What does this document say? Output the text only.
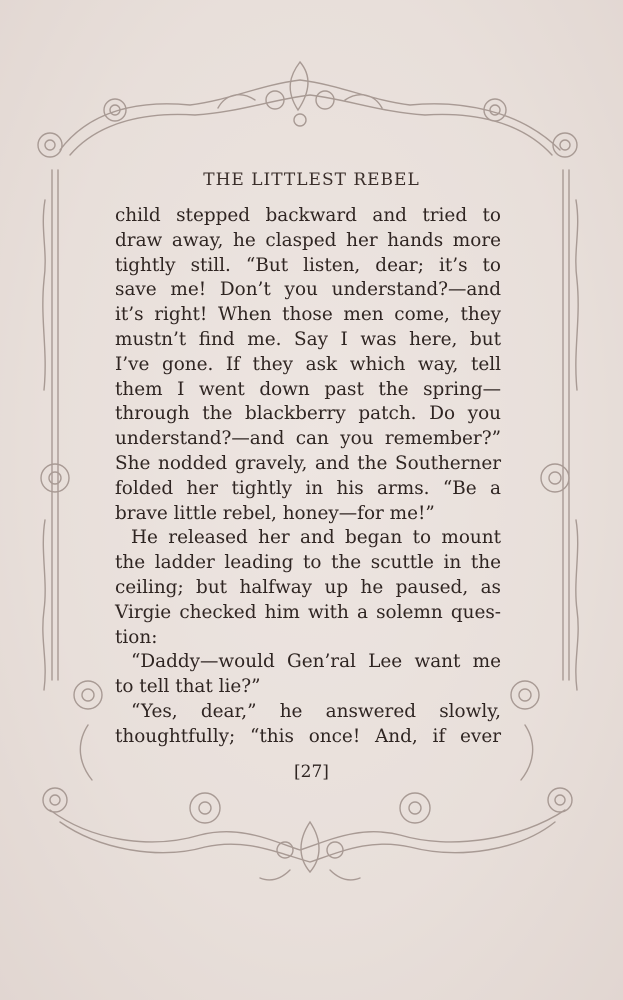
THE LITTLEST REBEL
child stepped backward and tried to
draw away, he clasped her hands more
tightly still. “But listen, dear; it’s to
save me! Don’t you understand?—and
it’s right! When those men come, they
mustn’t find me. Say I was here, but
I’ve gone. If they ask which way, tell
them I went down past the spring—
through the blackberry patch. Do you
understand?—and can you remember?”
She nodded gravely, and the Southerner
folded her tightly in his arms. “Be a
brave little rebel, honey—for me!”
He released her and began to mount
the ladder leading to the scuttle in the
ceiling; but halfway up he paused, as
Virgie checked him with a solemn ques-
tion:
“Daddy—would Gen’ral Lee want me
to tell that lie?”
“Yes, dear,” he answered slowly,
thoughtfully; “this once! And, if ever
[27]
